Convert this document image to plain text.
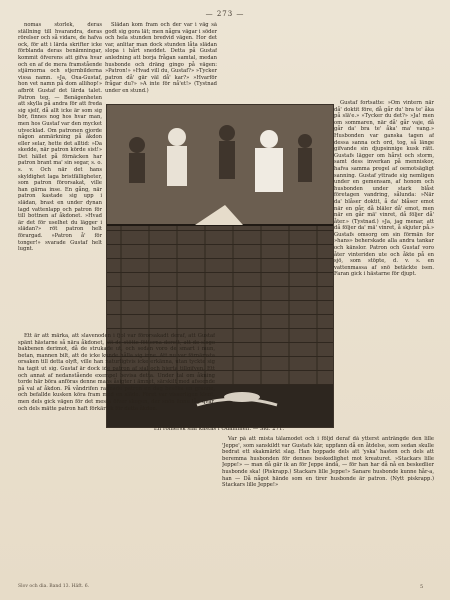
— 273 —

nomas storlek, deras ställning till hvarandra, deras rörelser och så vidare, de hafva ock, för att i lärda skrifter icke förblanda deras benämningar, kommit öfverens att gifva hvar och en af de mera framstående stjärnorna och stjernbilderna vissa namn. »Ja, Oxa-Gustaf, hon vet namn på dom allihop!» afbröt Gustaf det lärda talet. Patron teg. — Benägenheten att skylla på andra för att freda sig sjelf, då allt icke är som sig bör, finnes nog hos hvar man, men hos Gustaf var den mycket utvecklad. Om patronen gjorde någon anmärkning på åkdon eller selar, hette det alltid: »Da skedde, när patron körde sist!» Det hället på förnäcken har patron brant ma' sin segar, s. o. s. v. Och när det hans skyldighet laga bristfälligheter, som patron förorsakat, ville han gärna inse. En gång, när patron kastade sig upp i slädan, brast en under dynan lagd vattenlapp och patron för till bottnen af åkdonet. »Hvad är det för uselhet du lägger i slädan?» röt patron helt förargad. »Patron å' för tonger!» svarade Gustaf helt lugnt.

Slädan kom fram och der var i väg så godt sig gora lät; men några vägar i söder och hela stunden bredvid vägen. Hor det var, anlitar man dock stunden låta slädan slopa i hårt sneddet. Detta på Gustaf anledning att borja frågan samtal, medan husbonde och dräng gingo på vägen: »Patron!» »Hvad vill du, Gustaf?» »Tycker patron då' gär väl då' kar?» »Hvarför frågar du?» »A inte för nå'et!» (Tystnad under en stund.)

En romersk slaf kastas i Ödammen. — Sid. 271.

Gustaf fortsatte: »Om vintern när då' doktit före, då går du' bra te' åka på slä'e.» »Tycker du det?» »Ja! men om sommaren, när då' går vaje, då går da' bra te' åka' ma' vang.» Husbonden var ganska tagen af dessa sanna och ord, tog, så länge gifvande sin djupsinnige kusk rätt. Gustafs lägger om hårst och storm, samt dess inverkan på menniskor, hafva samma pregel af oemotsägligt sanning. Gustaf yttrade sig nemligen under en gemensam, af honom och husbonden under stark blåst företagen vandring, sålunda: »När da' blåser doktit, å da' blåser emot när en går, då bläler då' emot, men när en går mä' vinret, då följer då' åter.» (Tystnad.) »Ja, jag menar, att då följer da' mä' vinret, å skjuter på.» Gustafs omsorg om sin förmän for »hans» beherskade alla andra tankar och känslor. Patron och Gustaf voro åter vinteriden ute och åkte på en sjö, som stöpte, d. v. s. en vattenmassa af snö betäckte isen. Faran gick i hästarne för djupt.

Ett är att märka, att slavenoden i fjol var förorsakadt deraf, att Gustaf spänt hästarne så nära åkdonet, att de stötte fötterna derett, att de slogo bakbenen derimot, då de strukade ut, och sedan voro de smart i mun, betan, mannen bilt, att de icke kunde hålla sig inne. Att nu var förnämsta orsaken till detta olyft, ville han naturligtvis icke erkänna, utan tyckte sig ha tagit ut sig. Gustaf är dock ide patron af sjal och hjerta tillgifven. Ett och annat af nedanstående exempel bevisa detta. Under tal om åkning torde här böra anföras denne mans åsigter i ämnet, särskilt med afseende på val af åkdon. På våndrifen rannade patron en dag besöka en granne, och befallde kusken köra fram med en släde. Föret var visserligen klent, men dels gick vägen för det mesta öfver skogen, der snön ännu låg qvar, och dels mätte patron haft förkärlek för detta åkdon.

Var på att mista tålamodet och i följd deraf då ytterst anträngde den lille 'Jeppe', som sanskildt var Gustafs kär, uppfann då en åtdelse, som sedan skulle bedrat ett skakmärkt slag. Han hoppade dels att 'yska' hasten och dels att beremma husbonden för dennes beskedlighet mot kreaturet. »Stackars lille Jeppe!» — man då gär ik an för Jeppe ändå, — för han har då nå en beskedlier husbonde ska! (Piskrapp.) Stackars lille Jeppe!» Sanare husbonde kunne hår-a, han — Då något hände som en tirer husbonde är patron. (Nytt piskrapp.) Stackars lille Jeppe!»

Slov och dia. Band 13. Häft. 6.	5
